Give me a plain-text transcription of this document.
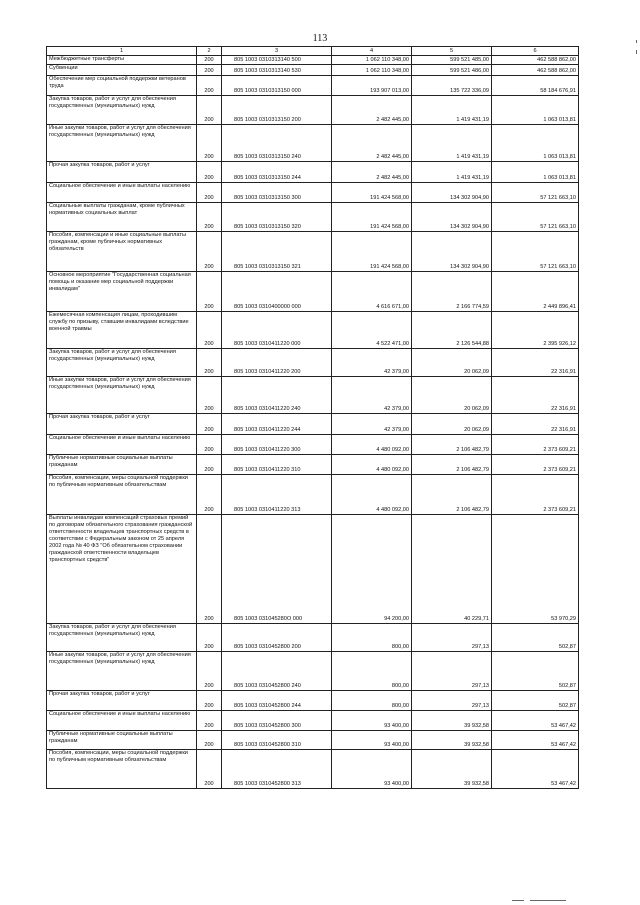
113
1	2	3	4	5	6
Межбюджетные трансферты	200	805 1003 0310313140 500	1 062 110 348,00	599 521 485,00	462 588 862,00
Субвенции	200	805 1003 0310313140 530	1 062 110 348,00	599 521 486,00	462 588 862,00
Обеспечение мер социальной поддержки ветеранов труда	200	805 1003 0310313150 000	193 907 013,00	135 722 336,09	58 184 676,91
Закупка товаров, работ и услуг для обеспечения государственных (муниципальных) нужд	200	805 1003 0310313150 200	2 482 445,00	1 419 431,19	1 063 013,81
Иные закупки товаров, работ и услуг для обеспечения государственных (муниципальных) нужд	200	805 1003 0310313150 240	2 482 445,00	1 419 431,19	1 063 013,81
Прочая закупка товаров, работ и услуг	200	805 1003 0310313150 244	2 482 445,00	1 419 431,19	1 063 013,81
Социальное обеспечение и иные выплаты населению	200	805 1003 0310313150 300	191 424 568,00	134 302 904,90	57 121 663,10
Социальные выплаты гражданам, кроме публичных нормативных социальных выплат	200	805 1003 0310313150 320	191 424 568,00	134 302 904,90	57 121 663,10
Пособия, компенсации и иные социальные выплаты гражданам, кроме публичных нормативных обязательств	200	805 1003 0310313150 321	191 424 568,00	134 302 904,90	57 121 663,10
Основное мероприятие "Государственная социальная помощь и оказание мер социальной поддержки инвалидам"	200	805 1003 0310400000 000	4 616 671,00	2 166 774,59	2 449 896,41
Ежемесячная компенсация лицам, проходившим службу по призыву, ставшим инвалидами вследствие военной травмы	200	805 1003 0310411220 000	4 522 471,00	2 126 544,88	2 395 926,12
Закупка товаров, работ и услуг для обеспечения государственных (муниципальных) нужд	200	805 1003 0310411220 200	42 379,00	20 062,09	22 316,91
Иные закупки товаров, работ и услуг для обеспечения государственных (муниципальных) нужд	200	805 1003 0310411220 240	42 379,00	20 062,09	22 316,91
Прочая закупка товаров, работ и услуг	200	805 1003 0310411220 244	42 379,00	20 062,09	22 316,91
Социальное обеспечение и иные выплаты населению	200	805 1003 0310411220 300	4 480 092,00	2 106 482,79	2 373 609,21
Публичные нормативные социальные выплаты гражданам	200	805 1003 0310411220 310	4 480 092,00	2 106 482,79	2 373 609,21
Пособия, компенсации, меры социальной поддержки по публичным нормативным обязательствам	200	805 1003 0310411220 313	4 480 092,00	2 106 482,79	2 373 609,21
Выплаты инвалидам компенсаций страховых премий по договорам обязательного страхования гражданской ответственности владельцев транспортных средств в соответствии с Федеральным законом от 25 апреля 2002 года № 40 ФЗ "Об обязательном страховании гражданской ответственности владельцев транспортных средств"	200	805 1003 031045280О 000	94 200,00	40 229,71	53 970,29
Закупка товаров, работ и услуг для обеспечения государственных (муниципальных) нужд	200	805 1003 0310452800 200	800,00	297,13	502,87
Иные закупки товаров, работ и услуг для обеспечения государственных (муниципальных) нужд	200	805 1003 0310452800 240	800,00	297,13	502,87
Прочая закупка товаров, работ и услуг	200	805 1003 0310452800 244	800,00	297,13	502,87
Социальное обеспечение и иные выплаты населению	200	805 1003 0310452800 300	93 400,00	39 932,58	53 467,42
Публичные нормативные социальные выплаты гражданам	200	805 1003 0310452800 310	93 400,00	39 932,58	53 467,42
Пособия, компенсации, меры социальной поддержки по публичным нормативным обязательствам	200	805 1003 0310452800 313	93 400,00	39 932,58	53 467,42
